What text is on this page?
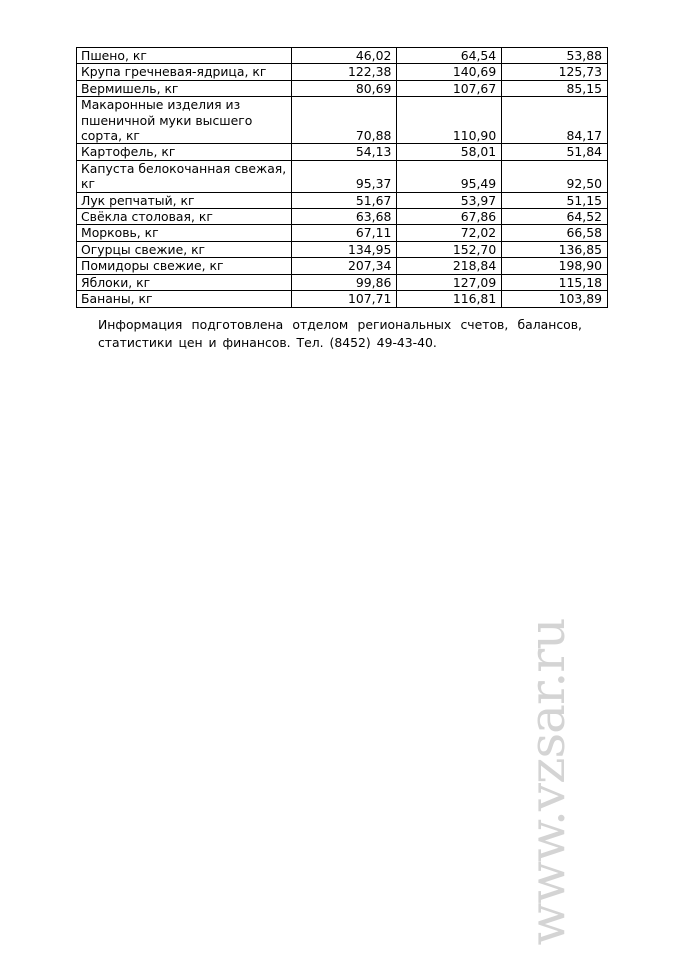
Пшено, кг	46,02	64,54	53,88
Крупа гречневая-ядрица, кг	122,38	140,69	125,73
Вермишель, кг	80,69	107,67	85,15
Макаронные изделия из пшеничной муки высшего сорта, кг	70,88	110,90	84,17
Картофель, кг	54,13	58,01	51,84
Капуста белокочанная свежая, кг	95,37	95,49	92,50
Лук репчатый, кг	51,67	53,97	51,15
Свёкла столовая, кг	63,68	67,86	64,52
Морковь, кг	67,11	72,02	66,58
Огурцы свежие, кг	134,95	152,70	136,85
Помидоры свежие, кг	207,34	218,84	198,90
Яблоки, кг	99,86	127,09	115,18
Бананы, кг	107,71	116,81	103,89
Информация подготовлена отделом региональных счетов, балансов, статистики цен и финансов. Тел. (8452) 49-43-40.
www.vzsar.ru
